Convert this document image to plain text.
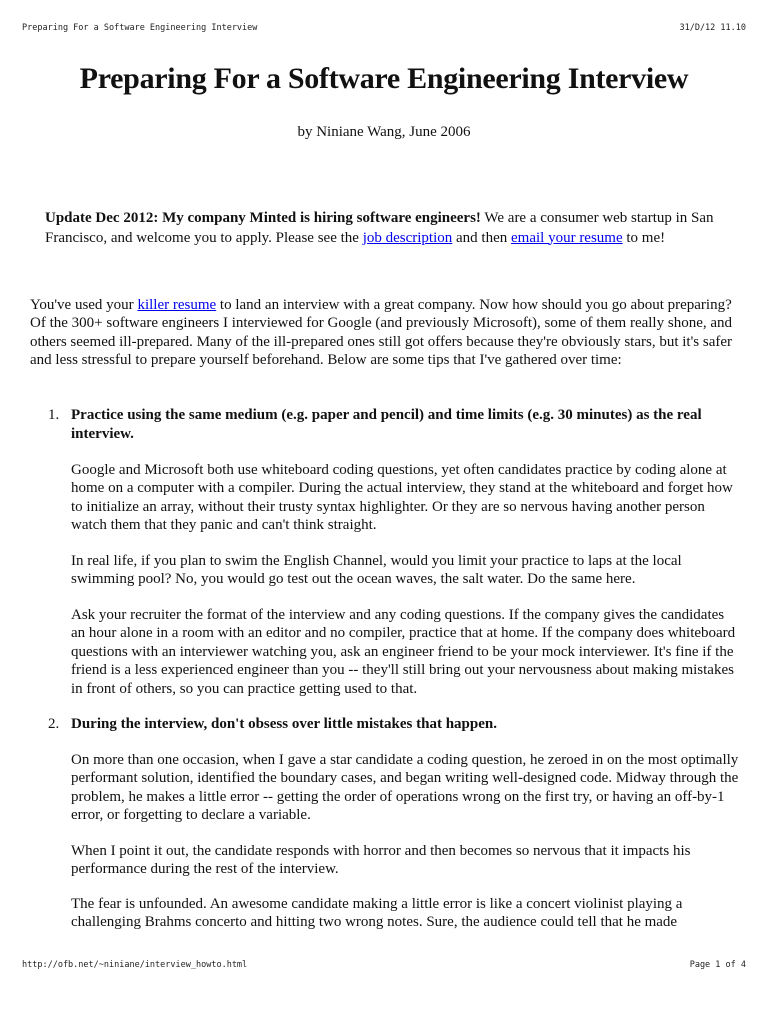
Preparing For a Software Engineering Interview	31/D/12 11.10
Preparing For a Software Engineering Interview
by Niniane Wang, June 2006

Update Dec 2012: My company Minted is hiring software engineers! We are a consumer web startup in San Francisco, and welcome you to apply. Please see the job description and then email your resume to me!

You've used your killer resume to land an interview with a great company. Now how should you go about preparing? Of the 300+ software engineers I interviewed for Google (and previously Microsoft), some of them really shone, and others seemed ill-prepared. Many of the ill-prepared ones still got offers because they're obviously stars, but it's safer and less stressful to prepare yourself beforehand. Below are some tips that I've gathered over time:

1. Practice using the same medium (e.g. paper and pencil) and time limits (e.g. 30 minutes) as the real interview.

Google and Microsoft both use whiteboard coding questions, yet often candidates practice by coding alone at home on a computer with a compiler. During the actual interview, they stand at the whiteboard and forget how to initialize an array, without their trusty syntax highlighter. Or they are so nervous having another person watch them that they panic and can't think straight.

In real life, if you plan to swim the English Channel, would you limit your practice to laps at the local swimming pool? No, you would go test out the ocean waves, the salt water. Do the same here.

Ask your recruiter the format of the interview and any coding questions. If the company gives the candidates an hour alone in a room with an editor and no compiler, practice that at home. If the company does whiteboard questions with an interviewer watching you, ask an engineer friend to be your mock interviewer. It's fine if the friend is a less experienced engineer than you -- they'll still bring out your nervousness about making mistakes in front of others, so you can practice getting used to that.

2. During the interview, don't obsess over little mistakes that happen.

On more than one occasion, when I gave a star candidate a coding question, he zeroed in on the most optimally performant solution, identified the boundary cases, and began writing well-designed code. Midway through the problem, he makes a little error -- getting the order of operations wrong on the first try, or having an off-by-1 error, or forgetting to declare a variable.

When I point it out, the candidate responds with horror and then becomes so nervous that it impacts his performance during the rest of the interview.

The fear is unfounded. An awesome candidate making a little error is like a concert violinist playing a challenging Brahms concerto and hitting two wrong notes. Sure, the audience could tell that he made

http://ofb.net/~niniane/interview_howto.html	Page 1 of 4
